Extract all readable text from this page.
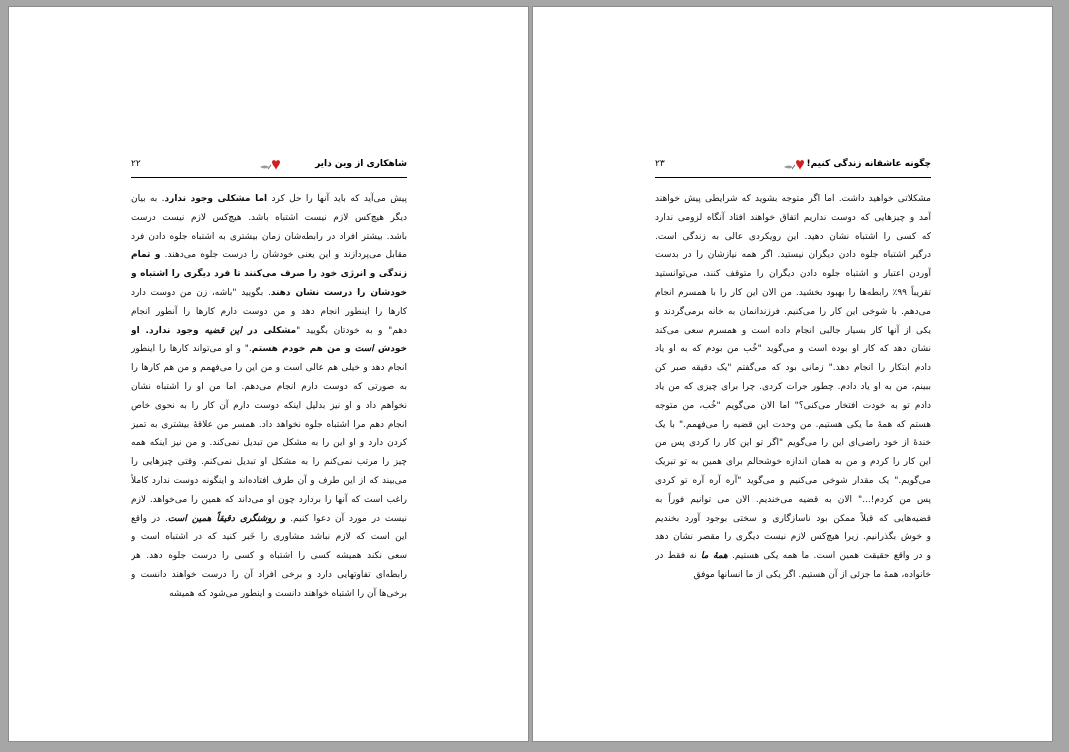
چگونه عاشقانه زندگی کنیم!
۲۳
مشکلاتی خواهید داشت. اما اگر متوجه بشوید که شرایطی پیش خواهند
آمد و چیزهایی که دوست نداریم اتفاق خواهند افتاد آنگاه لزومی ندارد
که کسی را اشتباه نشان دهید. این رویکردی عالی به زندگی است.
درگیر اشتباه جلوه دادن دیگران نیستید. اگر همه نیازشان را در بدست
آوردن اعتبار و اشتباه جلوه دادن دیگران را متوقف کنند، می‌توانستید
تقریباً ۹۹٪ رابطه‌ها را بهبود بخشید. من الان این کار را با همسرم انجام
می‌دهم. با شوخی این کار را می‌کنیم. فرزندانمان به خانه برمی‌گردند و
یکی از آنها کار بسیار جالبی انجام داده است و همسرم سعی می‌کند
نشان دهد که کار او بوده است و می‌گوید "خُب من بودم که به او یاد
دادم ابتکار را انجام دهد." زمانی بود که می‌گفتم "یک دقیقه صبر کن
ببینم، من به او یاد دادم. چطور جرات کردی. چرا برای چیزی که من یاد
دادم تو به خودت افتخار می‌کنی؟" اما الان می‌گویم "خُب، من متوجه
هستم که همهٔ ما یکی هستیم. من وحدت این قضیه را می‌فهمم." با یک
خندهٔ از خود راضی‌ای این را می‌گویم "اگر تو این کار را کردی پس من
این کار را کردم و من به همان اندازه خوشحالم برای همین به تو تبریک
می‌گویم." یک مقدار شوخی می‌کنیم و می‌گوید "آره آره آره تو کردی
پس من کردم!..." الان به قضیه می‌خندیم. الان می توانیم فوراً به
قضیه‌هایی که قبلاً ممکن بود ناسازگاری و سختی بوجود آورد بخندیم
و خوش بگذرانیم. زیرا هیچ‌کس لازم نیست دیگری را مقصر نشان دهد
و در واقع حقیقت همین است. ما همه یکی هستیم. همهٔ ما نه فقط در
خانواده، همهٔ ما جزئی از آن هستیم. اگر یکی از ما انسانها موفق
شاهکاری از وین دایر
۲۲
پیش می‌آید که باید آنها را حل کرد اما مشکلی وجود ندارد. به بیان
دیگر هیچ‌کس لازم نیست اشتباه باشد. هیچ‌کس لازم نیست درست
باشد. بیشتر افراد در رابطه‌شان زمان بیشتری به اشتباه جلوه دادن فرد
مقابل می‌پردازند و این یعنی خودشان را درست جلوه می‌دهند. و تمام
زندگی و انرژی خود را صرف می‌کنند تا فرد دیگری را اشتباه و
خودشان را درست نشان دهند. بگویید "باشه، زن من دوست دارد
کارها را اینطور انجام دهد و من دوست دارم کارها را آنطور انجام
دهم" و به خودتان بگویید "مشکلی در این قضیه وجود ندارد. او
خودش است و من هم خودم هستم." و او می‌تواند کارها را اینطور
انجام دهد و خیلی هم عالی است و من این را می‌فهمم و من هم کارها را
به صورتی که دوست دارم انجام می‌دهم. اما من او را اشتباه نشان
نخواهم داد و او نیز بدلیل اینکه دوست دارم آن کار را به نحوی خاص
انجام دهم مرا اشتباه جلوه نخواهد داد. همسر من علاقهٔ بیشتری به تمیز
کردن دارد و او این را به مشکل من تبدیل نمی‌کند. و من نیز اینکه همه
چیز را مرتب نمی‌کنم را به مشکل او تبدیل نمی‌کنم. وقتی چیزهایی را
می‌بیند که از این طرف و آن طرف افتاده‌اند و اینگونه دوست ندارد کاملاً
راغب است که آنها را بردارد چون او می‌داند که همین را می‌خواهد. لازم
نیست در مورد آن دعوا کنیم. و روشنگری دقیقاً همین است. در واقع
این است که لازم نباشد مشاوری را خَبر کنید که در اشتباه است و
سعی نکند همیشه کسی را اشتباه و کسی را درست جلوه دهد. هر
رابطه‌ای تفاوتهایی دارد و برخی افراد آن را درست خواهند دانست و
برخی‌ها آن را اشتباه خواهند دانست و اینطور می‌شود که همیشه
